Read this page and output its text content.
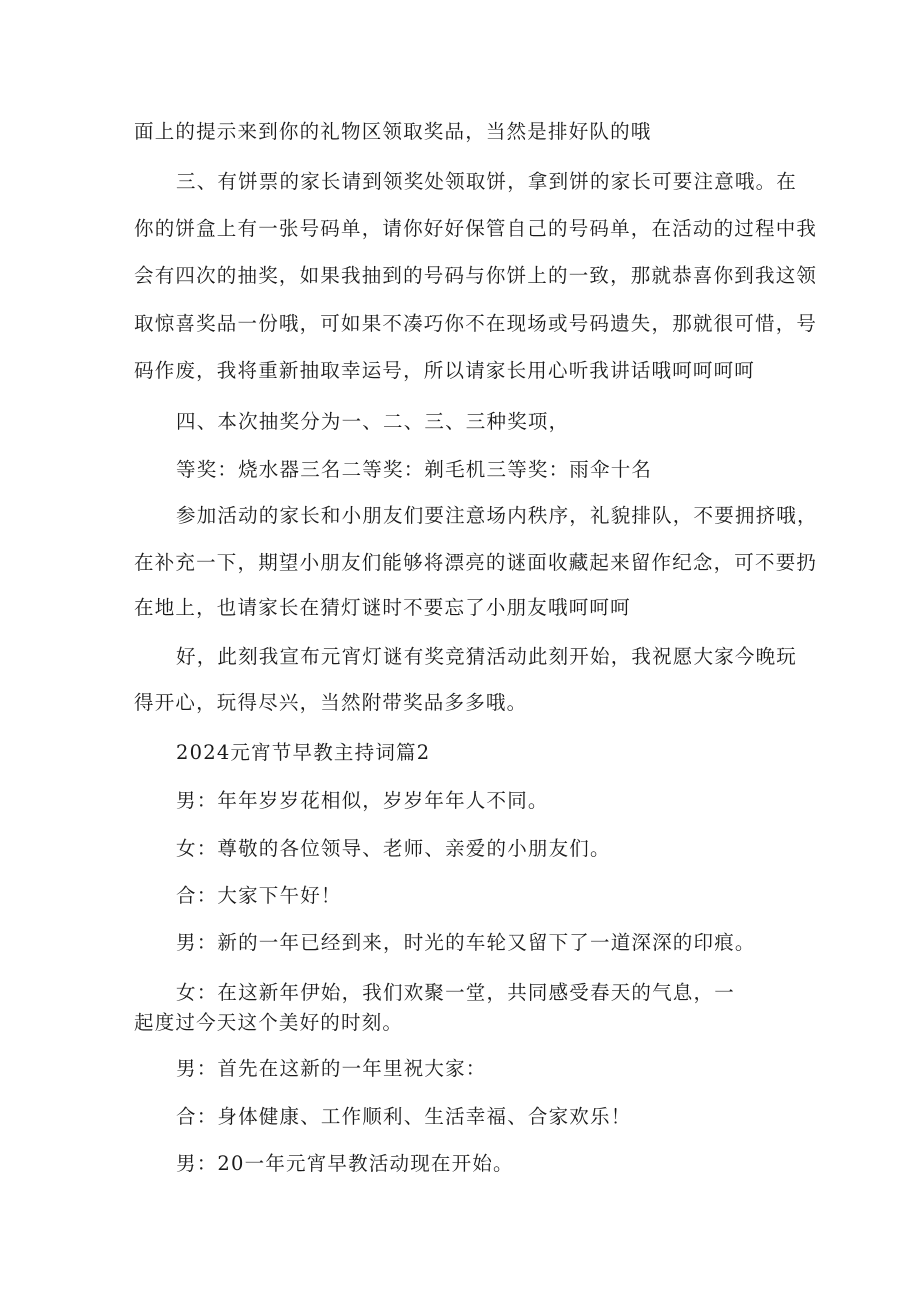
面上的提示来到你的礼物区领取奖品，当然是排好队的哦
三、有饼票的家长请到领奖处领取饼，拿到饼的家长可要注意哦。在
你的饼盒上有一张号码单，请你好好保管自己的号码单，在活动的过程中我
会有四次的抽奖，如果我抽到的号码与你饼上的一致，那就恭喜你到我这领
取惊喜奖品一份哦，可如果不凑巧你不在现场或号码遗失，那就很可惜，号
码作废，我将重新抽取幸运号，所以请家长用心听我讲话哦呵呵呵呵
四、本次抽奖分为一、二、三、三种奖项，
等奖：烧水器三名二等奖：剃毛机三等奖：雨伞十名
参加活动的家长和小朋友们要注意场内秩序，礼貌排队，不要拥挤哦，
在补充一下，期望小朋友们能够将漂亮的谜面收藏起来留作纪念，可不要扔
在地上，也请家长在猜灯谜时不要忘了小朋友哦呵呵呵
好，此刻我宣布元宵灯谜有奖竞猜活动此刻开始，我祝愿大家今晚玩
得开心，玩得尽兴，当然附带奖品多多哦。
2024元宵节早教主持词篇2
男：年年岁岁花相似，岁岁年年人不同。
女：尊敬的各位领导、老师、亲爱的小朋友们。
合：大家下午好！
男：新的一年已经到来，时光的车轮又留下了一道深深的印痕。
女：在这新年伊始，我们欢聚一堂，共同感受春天的气息，一
起度过今天这个美好的时刻。
男：首先在这新的一年里祝大家：
合：身体健康、工作顺利、生活幸福、合家欢乐！
男：20一年元宵早教活动现在开始。
